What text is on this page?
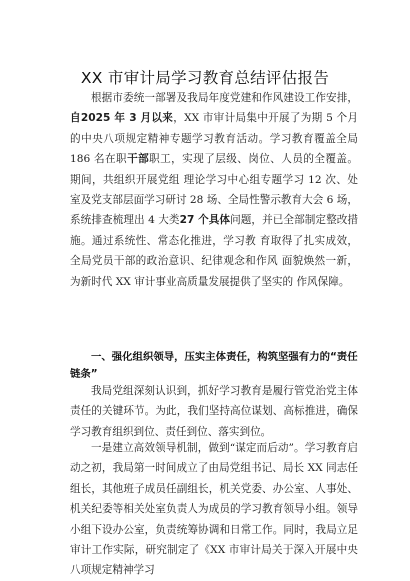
XX 市审计局学习教育总结评估报告

根据市委统一部署及我局年度党建和作风建设工作安排，自2025 年 3 月以来，XX 市审计局集中开展了为期 5 个月的中央八项规定精神专题学习教育活动。学习教育覆盖全局 186 名在职干部职工，实现了层级、岗位、人员的全覆盖。期间，共组织开展党组 理论学习中心组专题学习 12 次、处室及党支部层面学习研讨 28 场、全局性警示教育大会 6 场，系统排查梳理出 4 大类27 个具体问题，并已全部制定整改措施。通过系统性、常态化推进，学习教 育取得了扎实成效，全局党员干部的政治意识、纪律观念和作风 面貌焕然一新，为新时代 XX 审计事业高质量发展提供了坚实的 作风保障。

一、强化组织领导，压实主体责任，构筑坚强有力的“责任链条”

我局党组深刻认识到，抓好学习教育是履行管党治党主体责任的关键环节。为此，我们坚持高位谋划、高标推进，确保学习教育组织到位、责任到位、落实到位。

一是建立高效领导机制，做到“谋定而后动”。学习教育启动之初，我局第一时间成立了由局党组书记、局长 XX 同志任组长，其他班子成员任副组长，机关党委、办公室、人事处、机关纪委等相关处室负责人为成员的学习教育领导小组。领导小组下设办公室，负责统筹协调和日常工作。同时，我局立足审计工作实际，研究制定了《XX 市审计局关于深入开展中央八项规定精神学习
